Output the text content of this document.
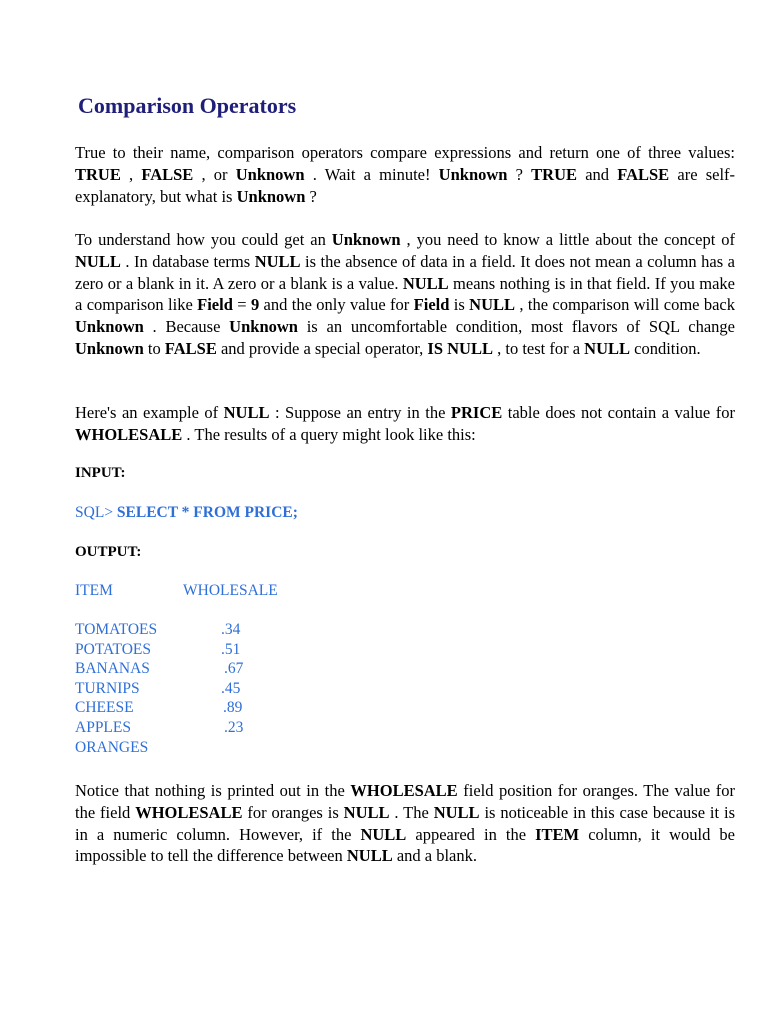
Comparison Operators

True to their name, comparison operators compare expressions and return one of three values: TRUE , FALSE , or Unknown . Wait a minute! Unknown ? TRUE and FALSE are self-explanatory, but what is Unknown ?

To understand how you could get an Unknown , you need to know a little about the concept of NULL . In database terms NULL is the absence of data in a field. It does not mean a column has a zero or a blank in it. A zero or a blank is a value. NULL means nothing is in that field. If you make a comparison like Field = 9 and the only value for Field is NULL , the comparison will come back Unknown . Because Unknown is an uncomfortable condition, most flavors of SQL change Unknown to FALSE and provide a special operator, IS NULL , to test for a NULL condition.

Here's an example of NULL : Suppose an entry in the PRICE table does not contain a value for WHOLESALE . The results of a query might look like this:

INPUT:

SQL> SELECT * FROM PRICE;

OUTPUT:

ITEM	WHOLESALE
TOMATOES	.34
POTATOES	.51
BANANAS	.67
TURNIPS	.45
CHEESE	.89
APPLES	.23
ORANGES

Notice that nothing is printed out in the WHOLESALE field position for oranges. The value for the field WHOLESALE for oranges is NULL . The NULL is noticeable in this case because it is in a numeric column. However, if the NULL appeared in the ITEM column, it would be impossible to tell the difference between NULL and a blank.
